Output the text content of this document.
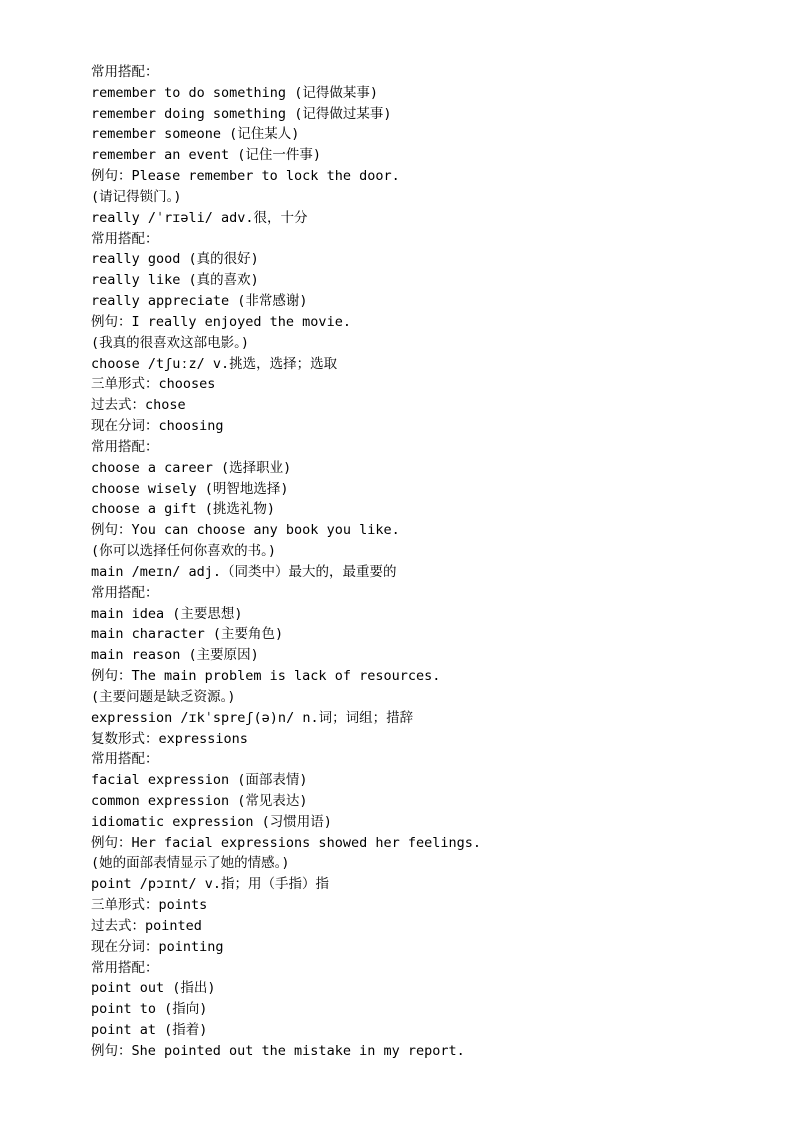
常用搭配：
remember to do something (记得做某事)
remember doing something (记得做过某事)
remember someone (记住某人)
remember an event (记住一件事)
例句：Please remember to lock the door.
(请记得锁门。)
really /ˈrɪəli/ adv.很，十分
常用搭配：
really good (真的很好)
really like (真的喜欢)
really appreciate (非常感谢)
例句：I really enjoyed the movie.
(我真的很喜欢这部电影。)
choose /tʃuːz/ v.挑选，选择；选取
三单形式：chooses
过去式：chose
现在分词：choosing
常用搭配：
choose a career (选择职业)
choose wisely (明智地选择)
choose a gift (挑选礼物)
例句：You can choose any book you like.
(你可以选择任何你喜欢的书。)
main /meɪn/ adj.（同类中）最大的，最重要的
常用搭配：
main idea (主要思想)
main character (主要角色)
main reason (主要原因)
例句：The main problem is lack of resources.
(主要问题是缺乏资源。)
expression /ɪkˈspreʃ(ə)n/ n.词；词组；措辞
复数形式：expressions
常用搭配：
facial expression (面部表情)
common expression (常见表达)
idiomatic expression (习惯用语)
例句：Her facial expressions showed her feelings.
(她的面部表情显示了她的情感。)
point /pɔɪnt/ v.指；用（手指）指
三单形式：points
过去式：pointed
现在分词：pointing
常用搭配：
point out (指出)
point to (指向)
point at (指着)
例句：She pointed out the mistake in my report.
